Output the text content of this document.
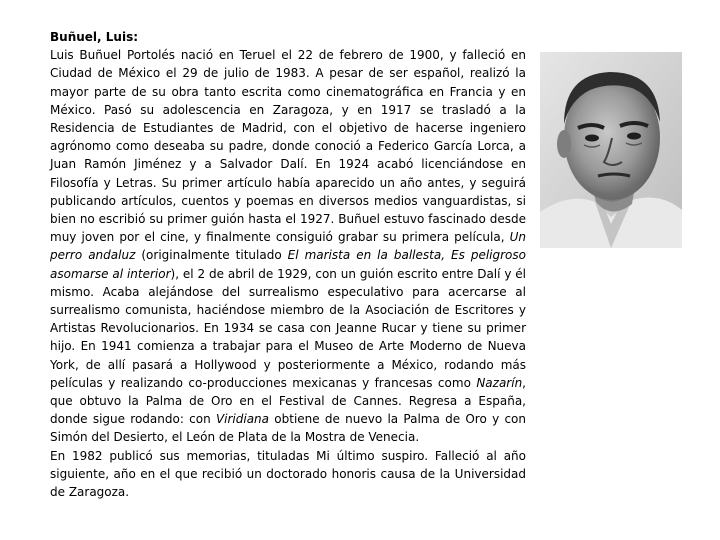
Buñuel, Luis:

Luis Buñuel Portolés nació en Teruel el 22 de febrero de 1900, y falleció en Ciudad de México el 29 de julio de 1983. A pesar de ser español, realizó la mayor parte de su obra tanto escrita como cinematográfica en Francia y en México. Pasó su adolescencia en Zaragoza, y en 1917 se trasladó a la Residencia de Estudiantes de Madrid, con el objetivo de hacerse ingeniero agrónomo como deseaba su padre, donde conoció a Federico García Lorca, a Juan Ramón Jiménez y a Salvador Dalí. En 1924 acabó licenciándose en Filosofía y Letras. Su primer artículo había aparecido un año antes, y seguirá publicando artículos, cuentos y poemas en diversos medios vanguardistas, si bien no escribió su primer guión hasta el 1927. Buñuel estuvo fascinado desde muy joven por el cine, y finalmente consiguió grabar su primera película, Un perro andaluz (originalmente titulado El marista en la ballesta, Es peligroso asomarse al interior), el 2 de abril de 1929, con un guión escrito entre Dalí y él mismo. Acaba alejándose del surrealismo especulativo para acercarse al surrealismo comunista, haciéndose miembro de la Asociación de Escritores y Artistas Revolucionarios. En 1934 se casa con Jeanne Rucar y tiene su primer hijo. En 1941 comienza a trabajar para el Museo de Arte Moderno de Nueva York, de allí pasará a Hollywood y posteriormente a México, rodando más películas y realizando co-producciones mexicanas y francesas como Nazarín, que obtuvo la Palma de Oro en el Festival de Cannes. Regresa a España, donde sigue rodando: con Viridiana obtiene de nuevo la Palma de Oro y con Simón del Desierto, el León de Plata de la Mostra de Venecia.

En 1982 publicó sus memorias, tituladas Mi último suspiro. Falleció al año siguiente, año en el que recibió un doctorado honoris causa de la Universidad de Zaragoza.
